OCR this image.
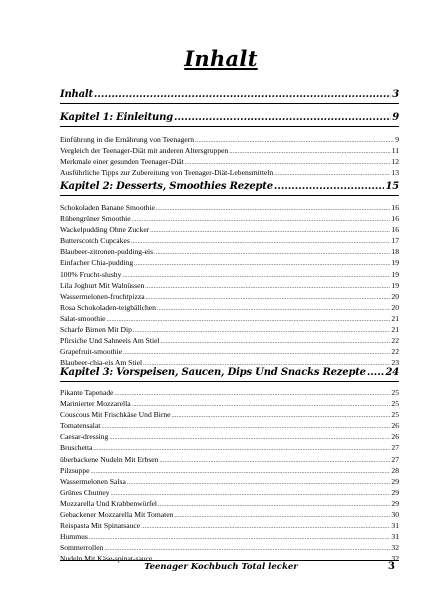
Inhalt
Inhalt .....	3
Kapitel 1: Einleitung .....	9
Einführung in die Ernährung von Teenagern .....	9
Vergleich der Teenager-Diät mit anderen Altersgruppen .....	11
Merkmale einer gesunden Teenager-Diät .....	12
Ausführliche Tipps zur Zubereitung von Teenager-Diät-Lebensmitteln .....	13
Kapitel 2: Desserts, Smoothies Rezepte .....	15
Schokoladen Banane Smoothie .....	16
Rübengrüner Smoothie .....	16
Wackelpudding Ohne Zucker .....	16
Butterscotch Cupcakes .....	17
Blaubeer-zitronen-pudding-eis .....	18
Einfacher Chia-pudding .....	19
100% Frucht-slushy .....	19
Lila Joghurt Mit Walnüssen .....	19
Wassermelonen-fruchtpizza .....	20
Rosa Schokoladen-teigbällchen .....	20
Salat-smoothie .....	21
Scharfe Birnen Mit Dip .....	21
Pfirsiche Und Sahneeis Am Stiel .....	22
Grapefruit-smoothie .....	22
Blaubeer-chia-eis Am Stiel .....	23
Kapitel 3: Vorspeisen, Saucen, Dips Und Snacks Rezepte ..... 24
Pikante Tapenade .....	25
Marinierter Mozzarella .....	25
Couscous Mit Frischkäse Und Birne .....	25
Tomatensalat .....	26
Caesar-dressing .....	26
Bruschetta .....	27
überbackene Nudeln Mit Erbsen .....	27
Pilzsuppe .....	28
Wassermelonen Salsa .....	29
Grünes Chutney .....	29
Mozzarella Und Krabbenwürfel .....	29
Gebackener Mozzarella Mit Tomaten .....	30
Reispasta Mit Spinatsauce .....	31
Hummus .....	31
Sommerrollen .....	32
Nudeln Mit Käse-spinat-sauce .....	32
Teenager Kochbuch Total lecker	3
